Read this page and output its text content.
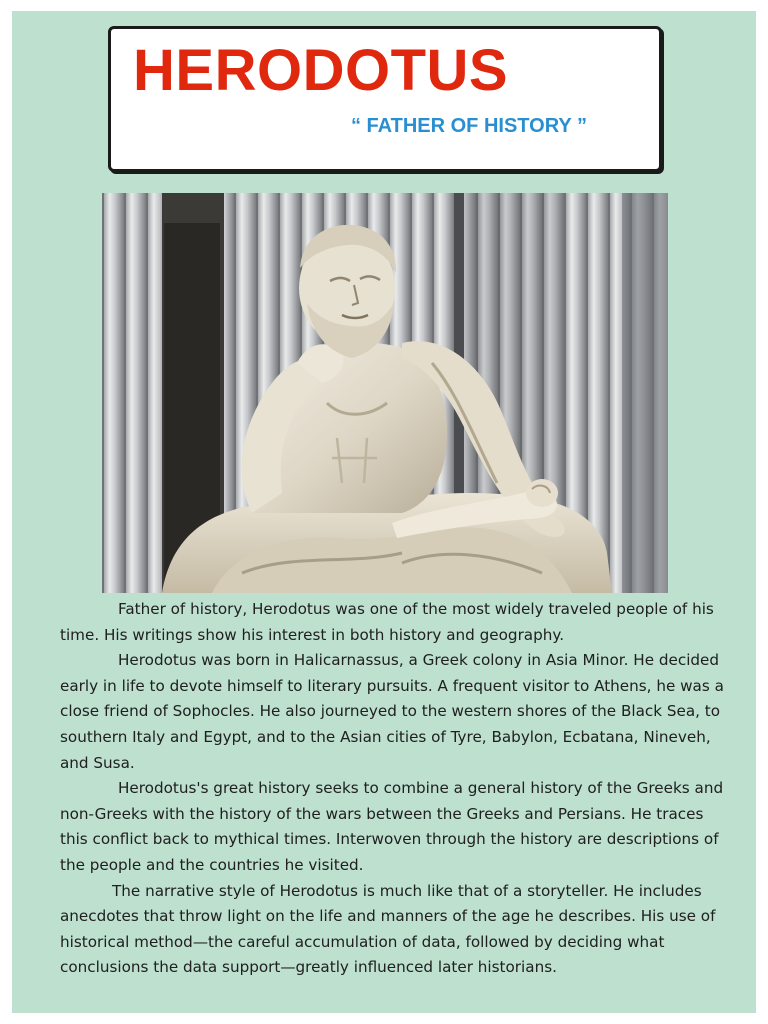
HERODOTUS

“ FATHER OF HISTORY ”

Father of history, Herodotus was one of the most widely traveled people of his time. His writings show his interest in both history and geography.

Herodotus was born in Halicarnassus, a Greek colony in Asia Minor. He decided early in life to devote himself to literary pursuits. A frequent visitor to Athens, he was a close friend of Sophocles. He also journeyed to the western shores of the Black Sea, to southern Italy and Egypt, and to the Asian cities of Tyre, Babylon, Ecbatana, Nineveh, and Susa.

Herodotus's great history seeks to combine a general history of the Greeks and non-Greeks with the history of the wars between the Greeks and Persians. He traces this conflict back to mythical times. Interwoven through the history are descriptions of the people and the countries he visited.

The narrative style of Herodotus is much like that of a storyteller. He includes anecdotes that throw light on the life and manners of the age he describes. His use of historical method—the careful accumulation of data, followed by deciding what conclusions the data support—greatly influenced later historians.
